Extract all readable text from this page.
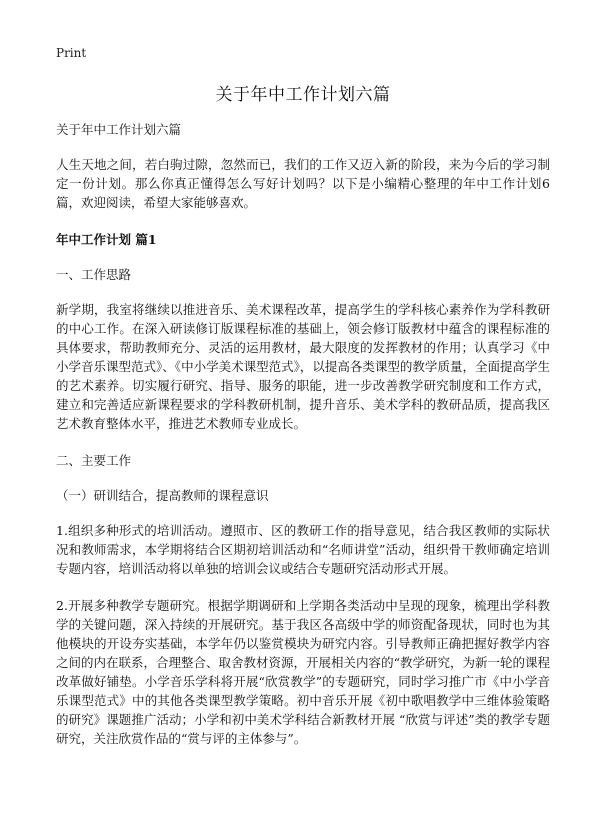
Print
关于年中工作计划六篇

关于年中工作计划六篇

人生天地之间，若白驹过隙，忽然而已，我们的工作又迈入新的阶段，来为今后的学习制定一份计划。那么你真正懂得怎么写好计划吗？以下是小编精心整理的年中工作计划6篇，欢迎阅读，希望大家能够喜欢。

年中工作计划 篇1

一、工作思路

新学期，我室将继续以推进音乐、美术课程改革，提高学生的学科核心素养作为学科教研的中心工作。在深入研读修订版课程标准的基础上，领会修订版教材中蕴含的课程标准的具体要求，帮助教师充分、灵活的运用教材，最大限度的发挥教材的作用；认真学习《中小学音乐课型范式》、《中小学美术课型范式》，以提高各类课型的教学质量，全面提高学生的艺术素养。切实履行研究、指导、服务的职能，进一步改善教学研究制度和工作方式，建立和完善适应新课程要求的学科教研机制，提升音乐、美术学科的教研品质，提高我区艺术教育整体水平，推进艺术教师专业成长。

二、主要工作

（一）研训结合，提高教师的课程意识

1.组织多种形式的培训活动。遵照市、区的教研工作的指导意见，结合我区教师的实际状况和教师需求，本学期将结合区期初培训活动和“名师讲堂”活动，组织骨干教师确定培训专题内容，培训活动将以单独的培训会议或结合专题研究活动形式开展。

2.开展多种教学专题研究。根据学期调研和上学期各类活动中呈现的现象，梳理出学科教学的关键问题，深入持续的开展研究。基于我区各高级中学的师资配备现状，同时也为其他模块的开设夯实基础，本学年仍以鉴赏模块为研究内容。引导教师正确把握好教学内容之间的内在联系，合理整合、取舍教材资源，开展相关内容的“教学研究，为新一轮的课程改革做好铺垫。小学音乐学科将开展“欣赏教学”的专题研究，同时学习推广市《中小学音乐课型范式》中的其他各类课型教学策略。初中音乐开展《初中歌唱教学中三维体验策略的研究》课题推广活动；小学和初中美术学科结合新教材开展 “欣赏与评述”类的教学专题研究，关注欣赏作品的“赏与评的主体参与”。
